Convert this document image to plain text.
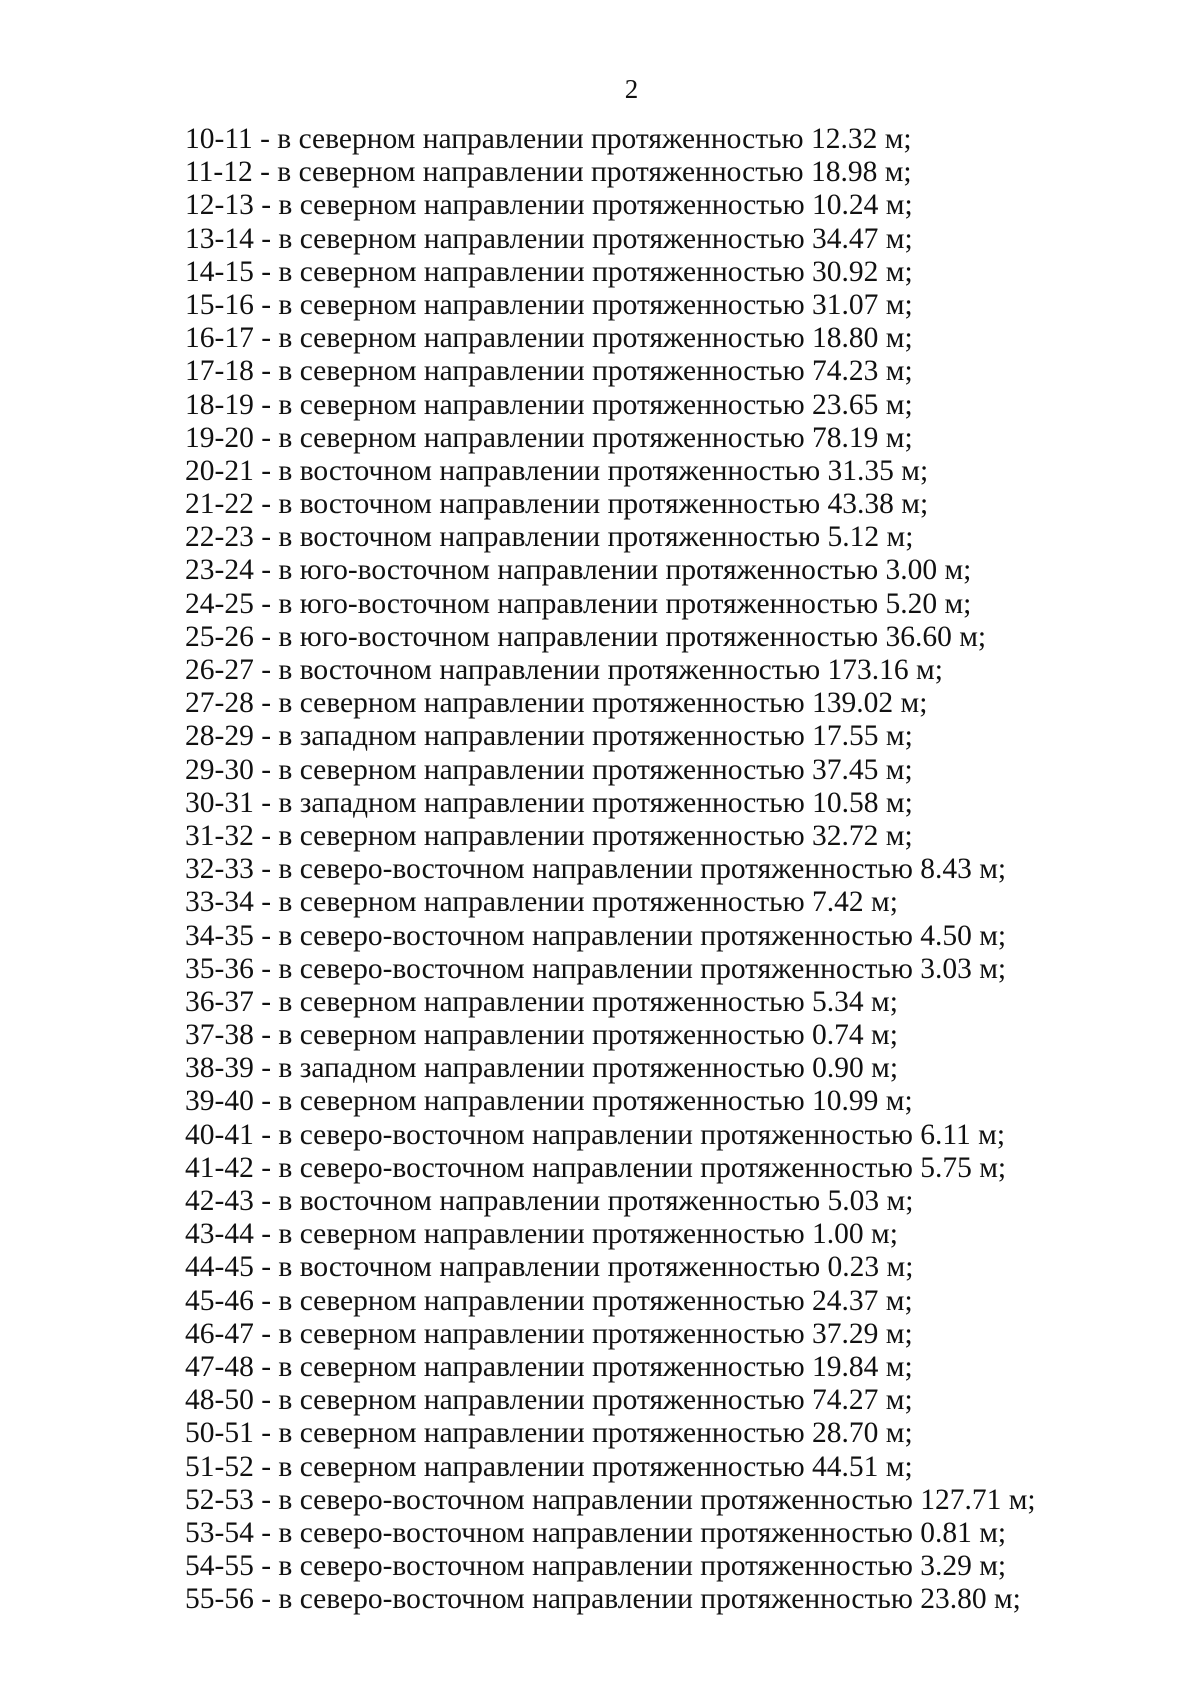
2
10-11 - в северном направлении протяженностью 12.32 м;
11-12 - в северном направлении протяженностью 18.98 м;
12-13 - в северном направлении протяженностью 10.24 м;
13-14 - в северном направлении протяженностью 34.47 м;
14-15 - в северном направлении протяженностью 30.92 м;
15-16 - в северном направлении протяженностью 31.07 м;
16-17 - в северном направлении протяженностью 18.80 м;
17-18 - в северном направлении протяженностью 74.23 м;
18-19 - в северном направлении протяженностью 23.65 м;
19-20 - в северном направлении протяженностью 78.19 м;
20-21 - в восточном направлении протяженностью 31.35 м;
21-22 - в восточном направлении протяженностью 43.38 м;
22-23 - в восточном направлении протяженностью 5.12 м;
23-24 - в юго-восточном направлении протяженностью 3.00 м;
24-25 - в юго-восточном направлении протяженностью 5.20 м;
25-26 - в юго-восточном направлении протяженностью 36.60 м;
26-27 - в восточном направлении протяженностью 173.16 м;
27-28 - в северном направлении протяженностью 139.02 м;
28-29 - в западном направлении протяженностью 17.55 м;
29-30 - в северном направлении протяженностью 37.45 м;
30-31 - в западном направлении протяженностью 10.58 м;
31-32 - в северном направлении протяженностью 32.72 м;
32-33 - в северо-восточном направлении протяженностью 8.43 м;
33-34 - в северном направлении протяженностью 7.42 м;
34-35 - в северо-восточном направлении протяженностью 4.50 м;
35-36 - в северо-восточном направлении протяженностью 3.03 м;
36-37 - в северном направлении протяженностью 5.34 м;
37-38 - в северном направлении протяженностью 0.74 м;
38-39 - в западном направлении протяженностью 0.90 м;
39-40 - в северном направлении протяженностью 10.99 м;
40-41 - в северо-восточном направлении протяженностью 6.11 м;
41-42 - в северо-восточном направлении протяженностью 5.75 м;
42-43 - в восточном направлении протяженностью 5.03 м;
43-44 - в северном направлении протяженностью 1.00 м;
44-45 - в восточном направлении протяженностью 0.23 м;
45-46 - в северном направлении протяженностью 24.37 м;
46-47 - в северном направлении протяженностью 37.29 м;
47-48 - в северном направлении протяженностью 19.84 м;
48-50 - в северном направлении протяженностью 74.27 м;
50-51 - в северном направлении протяженностью 28.70 м;
51-52 - в северном направлении протяженностью 44.51 м;
52-53 - в северо-восточном направлении протяженностью 127.71 м;
53-54 - в северо-восточном направлении протяженностью 0.81 м;
54-55 - в северо-восточном направлении протяженностью 3.29 м;
55-56 - в северо-восточном направлении протяженностью 23.80 м;
